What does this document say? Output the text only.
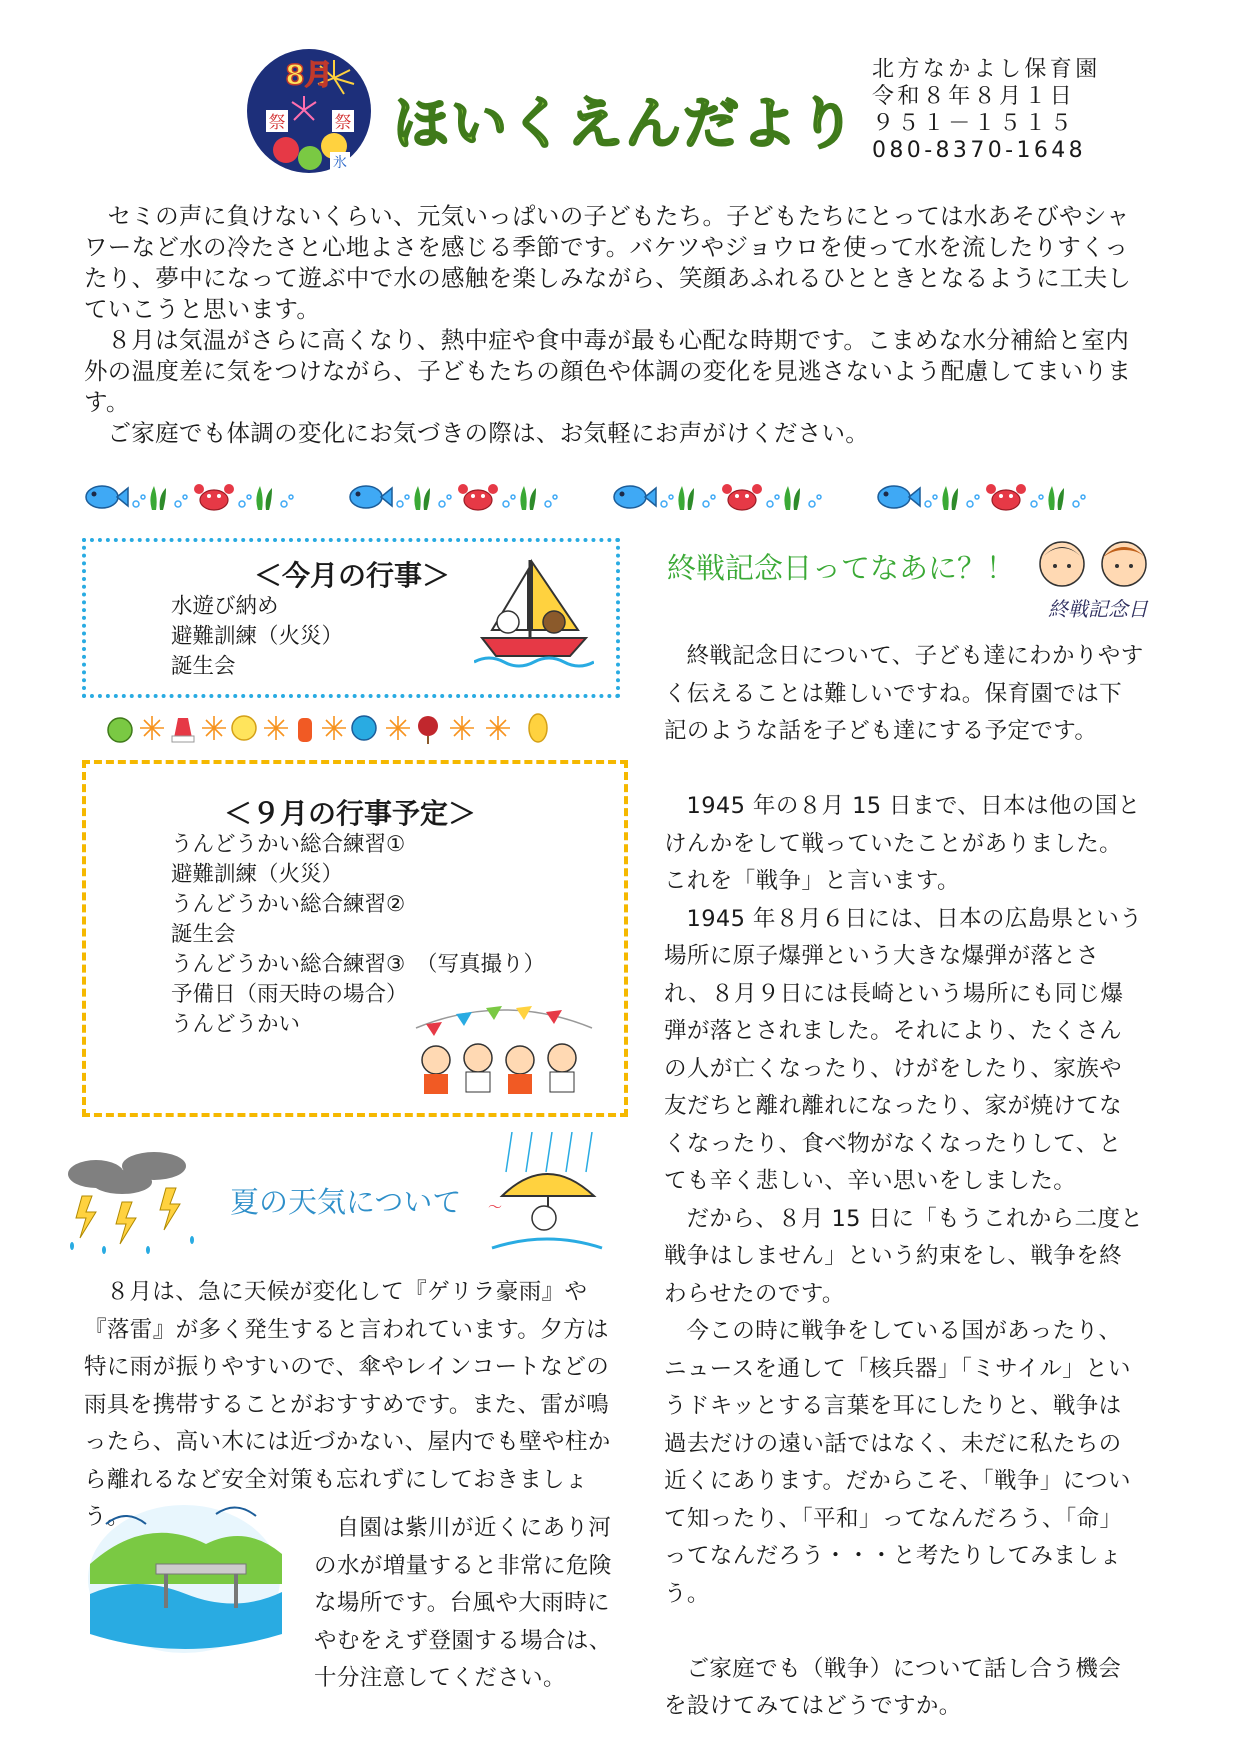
8月
祭	祭
氷
ほいくえんだより
北方なかよし保育園
令和８年８月１日
９５１－１５１５
080-8370-1648
セミの声に負けないくらい、元気いっぱいの子どもたち。子どもたちにとっては水あそびやシャワーなど水の冷たさと心地よさを感じる季節です。バケツやジョウロを使って水を流したりすくったり、夢中になって遊ぶ中で水の感触を楽しみながら、笑顔あふれるひとときとなるように工夫していこうと思います。
８月は気温がさらに高くなり、熱中症や食中毒が最も心配な時期です。こまめな水分補給と室内外の温度差に気をつけながら、子どもたちの顔色や体調の変化を見逃さないよう配慮してまいります。
ご家庭でも体調の変化にお気づきの際は、お気軽にお声がけください。
＜今月の行事＞
水遊び納め
避難訓練（火災）
誕生会
＜９月の行事予定＞
うんどうかい総合練習①
避難訓練（火災）
うんどうかい総合練習②
誕生会
うんどうかい総合練習③　（写真撮り）
予備日（雨天時の場合）
うんどうかい
夏の天気について 〜
８月は、急に天候が変化して『ゲリラ豪雨』や『落雷』が多く発生すると言われています。夕方は特に雨が振りやすいので、傘やレインコートなどの雨具を携帯することがおすすめです。また、雷が鳴ったら、高い木には近づかない、屋内でも壁や柱から離れるなど安全対策も忘れずにしておきましょう。	自園は紫川が近くにあり河の水が増量すると非常に危険な場所です。台風や大雨時にやむをえず登園する場合は、十分注意してください。
終戦記念日ってなあに？！
終戦記念日
終戦記念日について、子ども達にわかりやすく伝えることは難しいですね。保育園では下記のような話を子ども達にする予定です。
1945 年の８月 15 日まで、日本は他の国とけんかをして戦っていたことがありました。これを「戦争」と言います。
1945 年８月６日には、日本の広島県という場所に原子爆弾という大きな爆弾が落とされ、８月９日には長崎という場所にも同じ爆弾が落とされました。それにより、たくさんの人が亡くなったり、けがをしたり、家族や友だちと離れ離れになったり、家が焼けてなくなったり、食べ物がなくなったりして、とても辛く悲しい、辛い思いをしました。
だから、８月 15 日に「もうこれから二度と戦争はしません」という約束をし、戦争を終わらせたのです。
今この時に戦争をしている国があったり、ニュースを通して「核兵器」「ミサイル」というドキッとする言葉を耳にしたりと、戦争は過去だけの遠い話ではなく、未だに私たちの近くにあります。だからこそ、「戦争」について知ったり、「平和」ってなんだろう、「命」ってなんだろう・・・と考たりしてみましょう。
ご家庭でも（戦争）について話し合う機会を設けてみてはどうですか。
